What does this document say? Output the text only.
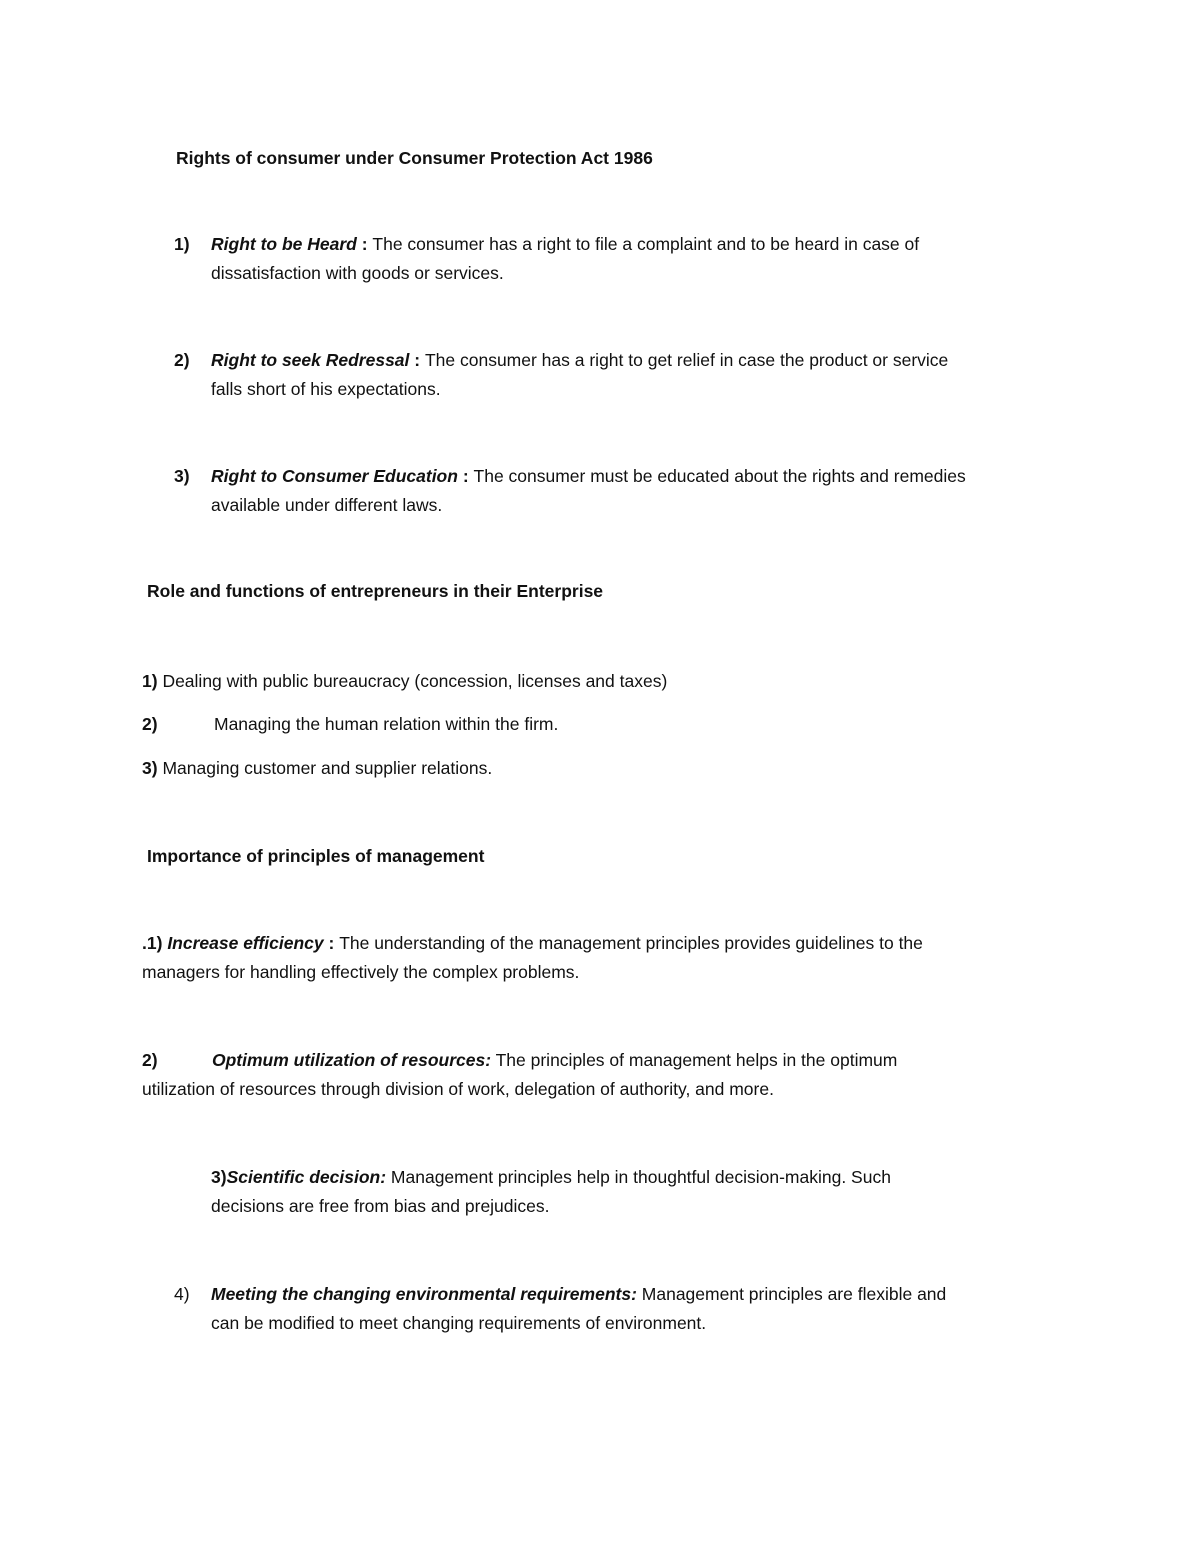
Rights of consumer under Consumer Protection Act 1986
1) Right to be Heard : The consumer has a right to file a complaint and to be heard in case of
dissatisfaction with goods or services.
2) Right to seek Redressal : The consumer has a right to get relief in case the product or service
falls short of his expectations.
3) Right to Consumer Education : The consumer must be educated about the rights and remedies
available under different laws.
Role and functions of entrepreneurs in their Enterprise
1) Dealing with public bureaucracy (concession, licenses and taxes)
2)	Managing the human relation within the firm.
3) Managing customer and supplier relations.
Importance of principles of management
.1) Increase efficiency : The understanding of the management principles provides guidelines to the
managers for handling effectively the complex problems.
2)	Optimum utilization of resources: The principles of management helps in the optimum
utilization of resources through division of work, delegation of authority, and more.
3)Scientific decision: Management principles help in thoughtful decision-making. Such
decisions are free from bias and prejudices.
4) Meeting the changing environmental requirements: Management principles are flexible and
can be modified to meet changing requirements of environment.
